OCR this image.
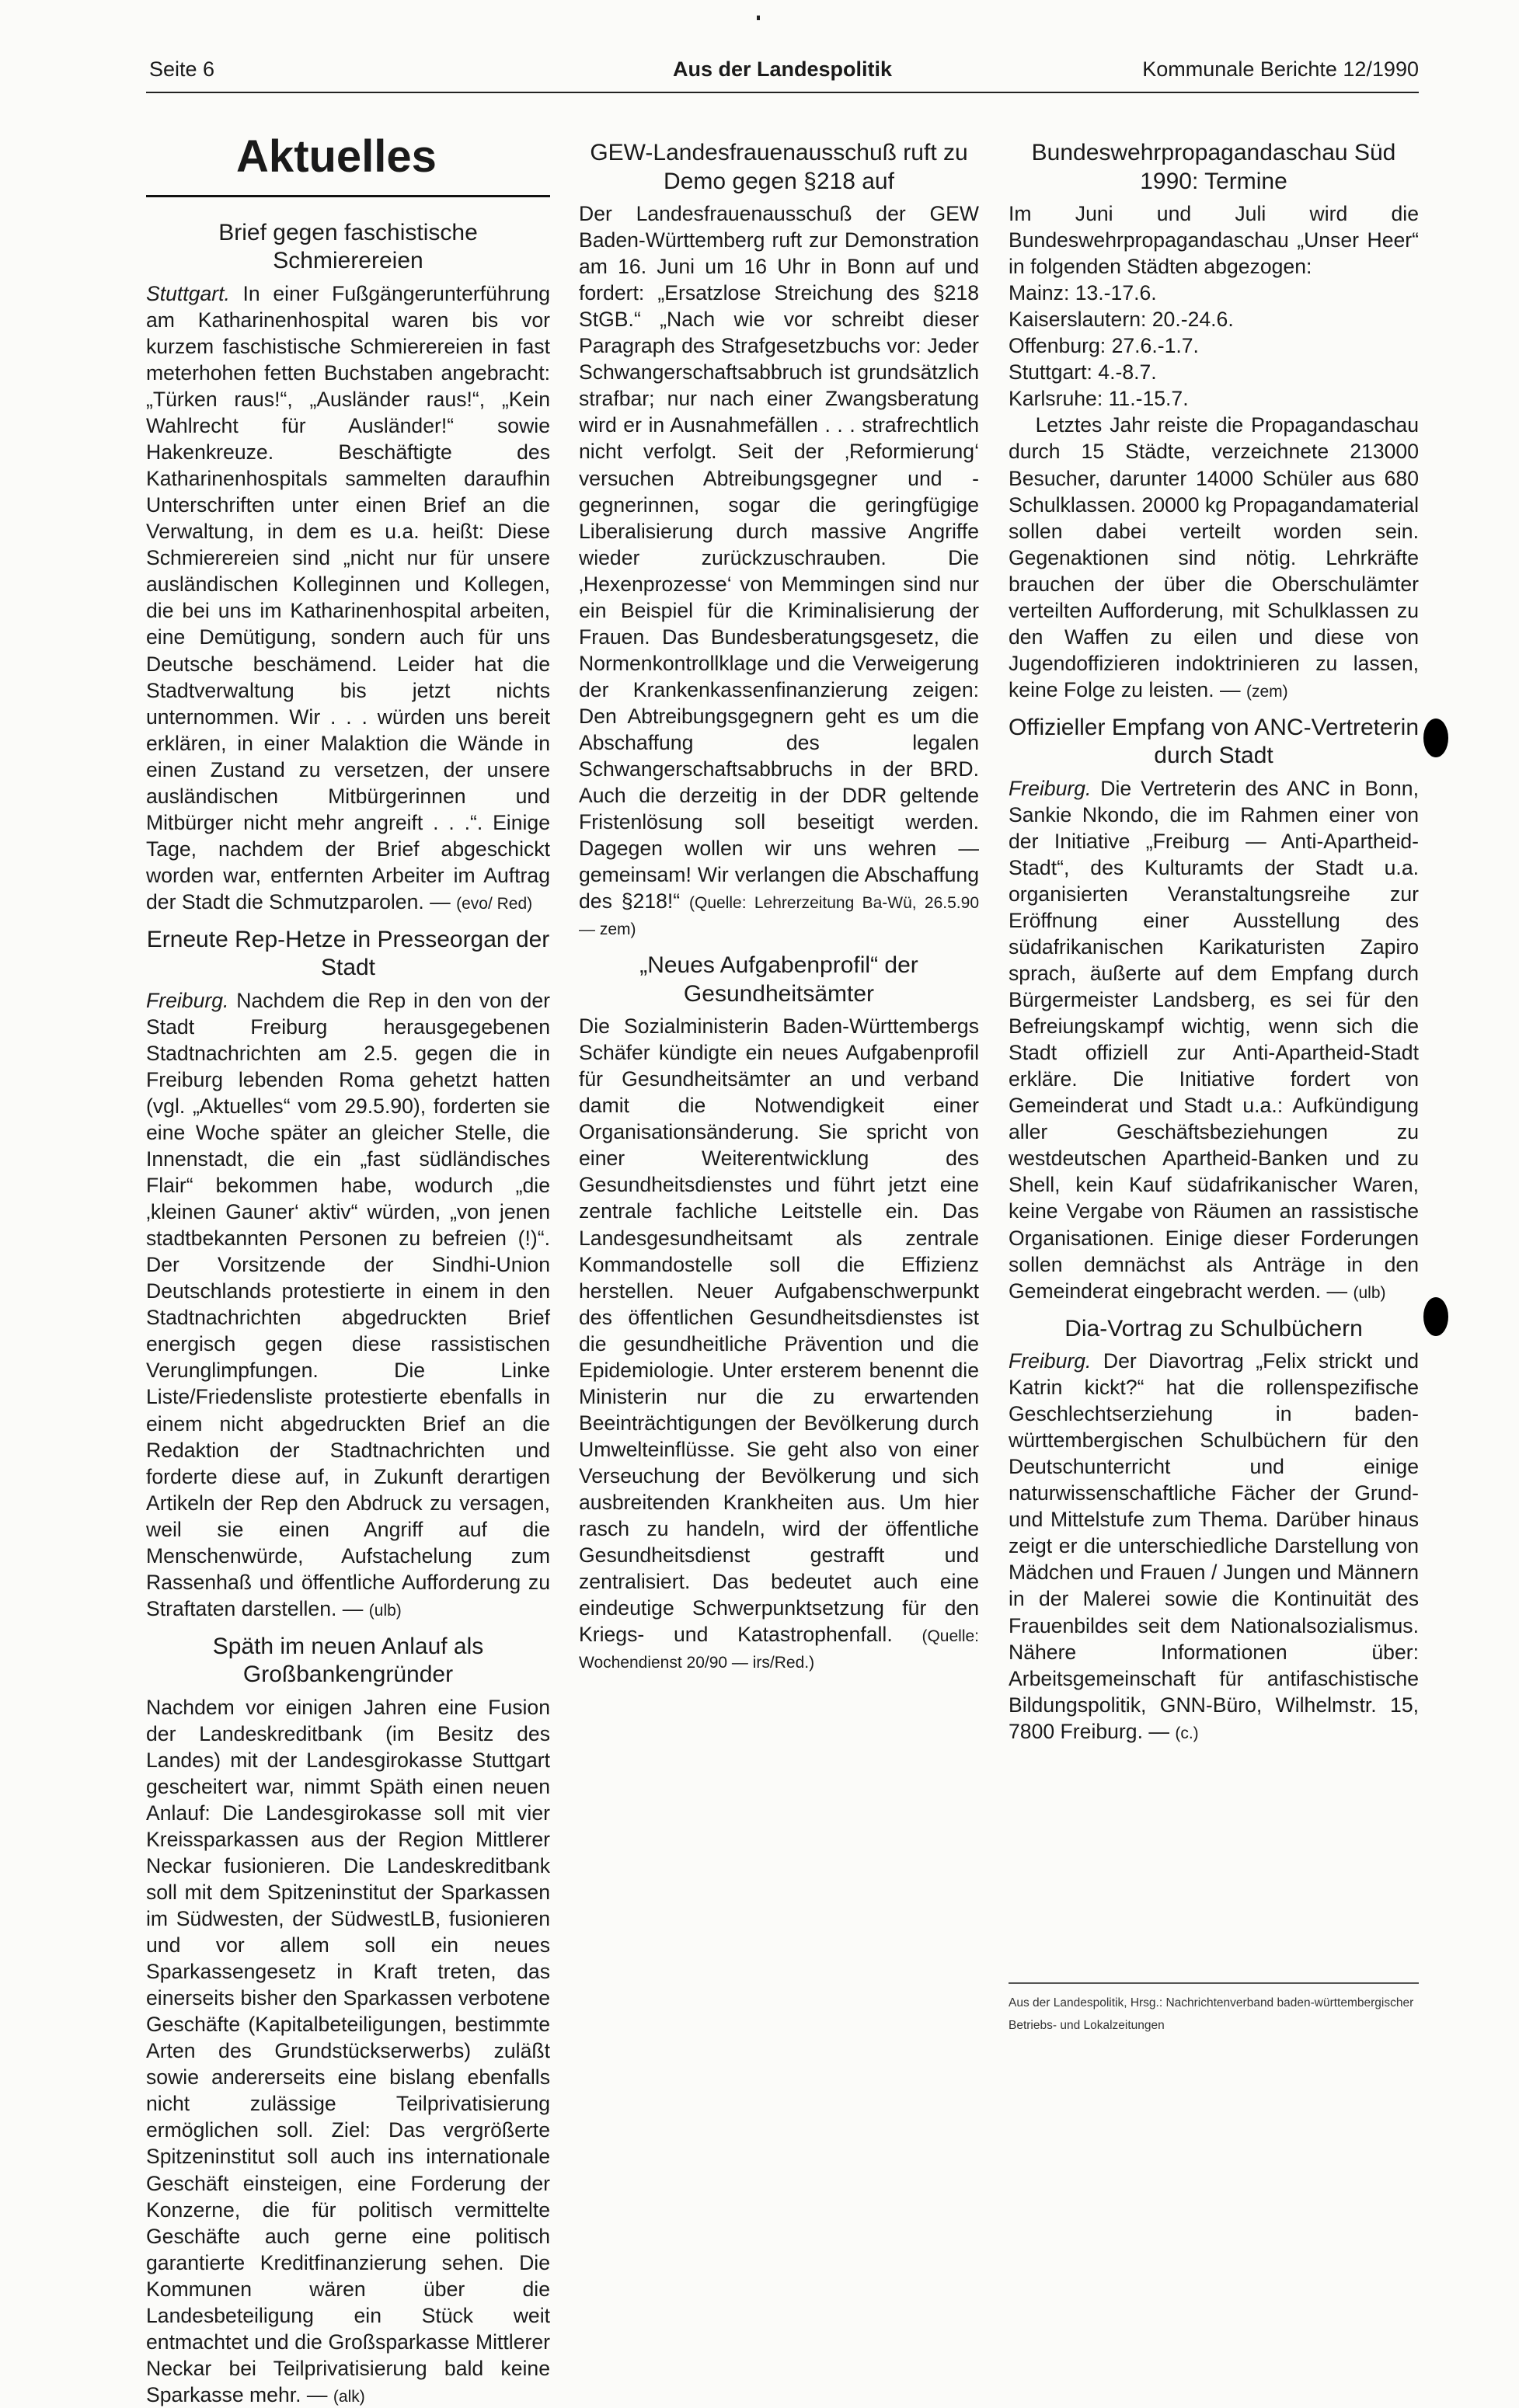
Seite 6	Aus der Landespolitik	Kommunale Berichte 12/1990
Aktuelles
Brief gegen faschistische Schmierereien

Stuttgart. In einer Fußgängerunterführung am Katharinenhospital waren bis vor kurzem faschistische Schmierereien in fast meterhohen fetten Buchstaben angebracht: „Türken raus!“, „Ausländer raus!“, „Kein Wahlrecht für Ausländer!“ sowie Hakenkreuze. Beschäftigte des Katharinenhospitals sammelten daraufhin Unterschriften unter einen Brief an die Verwaltung, in dem es u.a. heißt: Diese Schmierereien sind „nicht nur für unsere ausländischen Kolleginnen und Kollegen, die bei uns im Katharinenhospital arbeiten, eine Demütigung, sondern auch für uns Deutsche beschämend. Leider hat die Stadtverwaltung bis jetzt nichts unternommen. Wir . . . würden uns bereit erklären, in einer Malaktion die Wände in einen Zustand zu versetzen, der unsere ausländischen Mitbürgerinnen und Mitbürger nicht mehr angreift . . .“. Einige Tage, nachdem der Brief abgeschickt worden war, entfernten Arbeiter im Auftrag der Stadt die Schmutzparolen. — (evo/ Red)

Erneute Rep-Hetze in Presseorgan der Stadt

Freiburg. Nachdem die Rep in den von der Stadt Freiburg herausgegebenen Stadtnachrichten am 2.5. gegen die in Freiburg lebenden Roma gehetzt hatten (vgl. „Aktuelles“ vom 29.5.90), forderten sie eine Woche später an gleicher Stelle, die Innenstadt, die ein „fast südländisches Flair“ bekommen habe, wodurch „die ‚kleinen Gauner‘ aktiv“ würden, „von jenen stadtbekannten Personen zu befreien (!)“. Der Vorsitzende der Sindhi-Union Deutschlands protestierte in einem in den Stadtnachrichten abgedruckten Brief energisch gegen diese rassistischen Verunglimpfungen. Die Linke Liste/Friedensliste protestierte ebenfalls in einem nicht abgedruckten Brief an die Redaktion der Stadtnachrichten und forderte diese auf, in Zukunft derartigen Artikeln der Rep den Abdruck zu versagen, weil sie einen Angriff auf die Menschenwürde, Aufstachelung zum Rassenhaß und öffentliche Aufforderung zu Straftaten darstellen. — (ulb)

Späth im neuen Anlauf als Großbankengründer

Nachdem vor einigen Jahren eine Fusion der Landeskreditbank (im Besitz des Landes) mit der Landesgirokasse Stuttgart gescheitert war, nimmt Späth einen neuen Anlauf: Die Landesgirokasse soll mit vier Kreissparkassen aus der Region Mittlerer Neckar fusionieren. Die Landeskreditbank soll mit dem Spitzeninstitut der Sparkassen im Südwesten, der SüdwestLB, fusionieren und vor allem soll ein neues Sparkassengesetz in Kraft treten, das einerseits bisher den Sparkassen verbotene Geschäfte (Kapitalbeteiligungen, bestimmte Arten des Grundstückserwerbs) zuläßt sowie andererseits eine bislang ebenfalls nicht zulässige Teilprivatisierung ermöglichen soll. Ziel: Das vergrößerte Spitzeninstitut soll auch ins internationale Geschäft einsteigen, eine Forderung der Konzerne, die für politisch vermittelte Geschäfte auch gerne eine politisch garantierte Kreditfinanzierung sehen. Die Kommunen wären über die Landesbeteiligung ein Stück weit entmachtet und die Großsparkasse Mittlerer Neckar bei Teilprivatisierung bald keine Sparkasse mehr. — (alk)

GEW-Landesfrauenausschuß ruft zu Demo gegen §218 auf

Der Landesfrauenausschuß der GEW Baden-Württemberg ruft zur Demonstration am 16. Juni um 16 Uhr in Bonn auf und fordert: „Ersatzlose Streichung des §218 StGB.“ „Nach wie vor schreibt dieser Paragraph des Strafgesetzbuchs vor: Jeder Schwangerschaftsabbruch ist grundsätzlich strafbar; nur nach einer Zwangsberatung wird er in Ausnahmefällen . . . strafrechtlich nicht verfolgt. Seit der ‚Reformierung‘ versuchen Abtreibungsgegner und -gegnerinnen, sogar die geringfügige Liberalisierung durch massive Angriffe wieder zurückzuschrauben. Die ‚Hexenprozesse‘ von Memmingen sind nur ein Beispiel für die Kriminalisierung der Frauen. Das Bundesberatungsgesetz, die Normenkontrollklage und die Verweigerung der Krankenkassenfinanzierung zeigen: Den Abtreibungsgegnern geht es um die Abschaffung des legalen Schwangerschaftsabbruchs in der BRD. Auch die derzeitig in der DDR geltende Fristenlösung soll beseitigt werden. Dagegen wollen wir uns wehren — gemeinsam! Wir verlangen die Abschaffung des §218!“ (Quelle: Lehrerzeitung Ba-Wü, 26.5.90 — zem)

„Neues Aufgabenprofil“ der Gesundheitsämter

Die Sozialministerin Baden-Württembergs Schäfer kündigte ein neues Aufgabenprofil für Gesundheitsämter an und verband damit die Notwendigkeit einer Organisationsänderung. Sie spricht von einer Weiterentwicklung des Gesundheitsdienstes und führt jetzt eine zentrale fachliche Leitstelle ein. Das Landesgesundheitsamt als zentrale Kommandostelle soll die Effizienz herstellen. Neuer Aufgabenschwerpunkt des öffentlichen Gesundheitsdienstes ist die gesundheitliche Prävention und die Epidemiologie. Unter ersterem benennt die Ministerin nur die zu erwartenden Beeinträchtigungen der Bevölkerung durch Umwelteinflüsse. Sie geht also von einer Verseuchung der Bevölkerung und sich ausbreitenden Krankheiten aus. Um hier rasch zu handeln, wird der öffentliche Gesundheitsdienst gestrafft und zentralisiert. Das bedeutet auch eine eindeutige Schwerpunktsetzung für den Kriegs- und Katastrophenfall. (Quelle: Wochendienst 20/90 — irs/Red.)

Bundeswehrpropagandaschau Süd 1990: Termine

Im Juni und Juli wird die Bundeswehrpropagandaschau „Unser Heer“ in folgenden Städten abgezogen:

Mainz: 13.-17.6.
Kaiserslautern: 20.-24.6.
Offenburg: 27.6.-1.7.
Stuttgart: 4.-8.7.
Karlsruhe: 11.-15.7.

Letztes Jahr reiste die Propagandaschau durch 15 Städte, verzeichnete 213000 Besucher, darunter 14000 Schüler aus 680 Schulklassen. 20000 kg Propagandamaterial sollen dabei verteilt worden sein. Gegenaktionen sind nötig. Lehrkräfte brauchen der über die Oberschulämter verteilten Aufforderung, mit Schulklassen zu den Waffen zu eilen und diese von Jugendoffizieren indoktrinieren zu lassen, keine Folge zu leisten. — (zem)

Offizieller Empfang von ANC-Vertreterin durch Stadt

Freiburg. Die Vertreterin des ANC in Bonn, Sankie Nkondo, die im Rahmen einer von der Initiative „Freiburg — Anti-Apartheid-Stadt“, des Kulturamts der Stadt u.a. organisierten Veranstaltungsreihe zur Eröffnung einer Ausstellung des südafrikanischen Karikaturisten Zapiro sprach, äußerte auf dem Empfang durch Bürgermeister Landsberg, es sei für den Befreiungskampf wichtig, wenn sich die Stadt offiziell zur Anti-Apartheid-Stadt erkläre. Die Initiative fordert von Gemeinderat und Stadt u.a.: Aufkündigung aller Geschäftsbeziehungen zu westdeutschen Apartheid-Banken und zu Shell, kein Kauf südafrikanischer Waren, keine Vergabe von Räumen an rassistische Organisationen. Einige dieser Forderungen sollen demnächst als Anträge in den Gemeinderat eingebracht werden. — (ulb)

Dia-Vortrag zu Schulbüchern

Freiburg. Der Diavortrag „Felix strickt und Katrin kickt?“ hat die rollenspezifische Geschlechtserziehung in baden-württembergischen Schulbüchern für den Deutschunterricht und einige naturwissenschaftliche Fächer der Grund- und Mittelstufe zum Thema. Darüber hinaus zeigt er die unterschiedliche Darstellung von Mädchen und Frauen / Jungen und Männern in der Malerei sowie die Kontinuität des Frauenbildes seit dem Nationalsozialismus. Nähere Informationen über: Arbeitsgemeinschaft für antifaschistische Bildungspolitik, GNN-Büro, Wilhelmstr. 15, 7800 Freiburg. — (c.)

Aus der Landespolitik, Hrsg.: Nachrichtenverband baden-württembergischer Betriebs- und Lokalzeitungen
